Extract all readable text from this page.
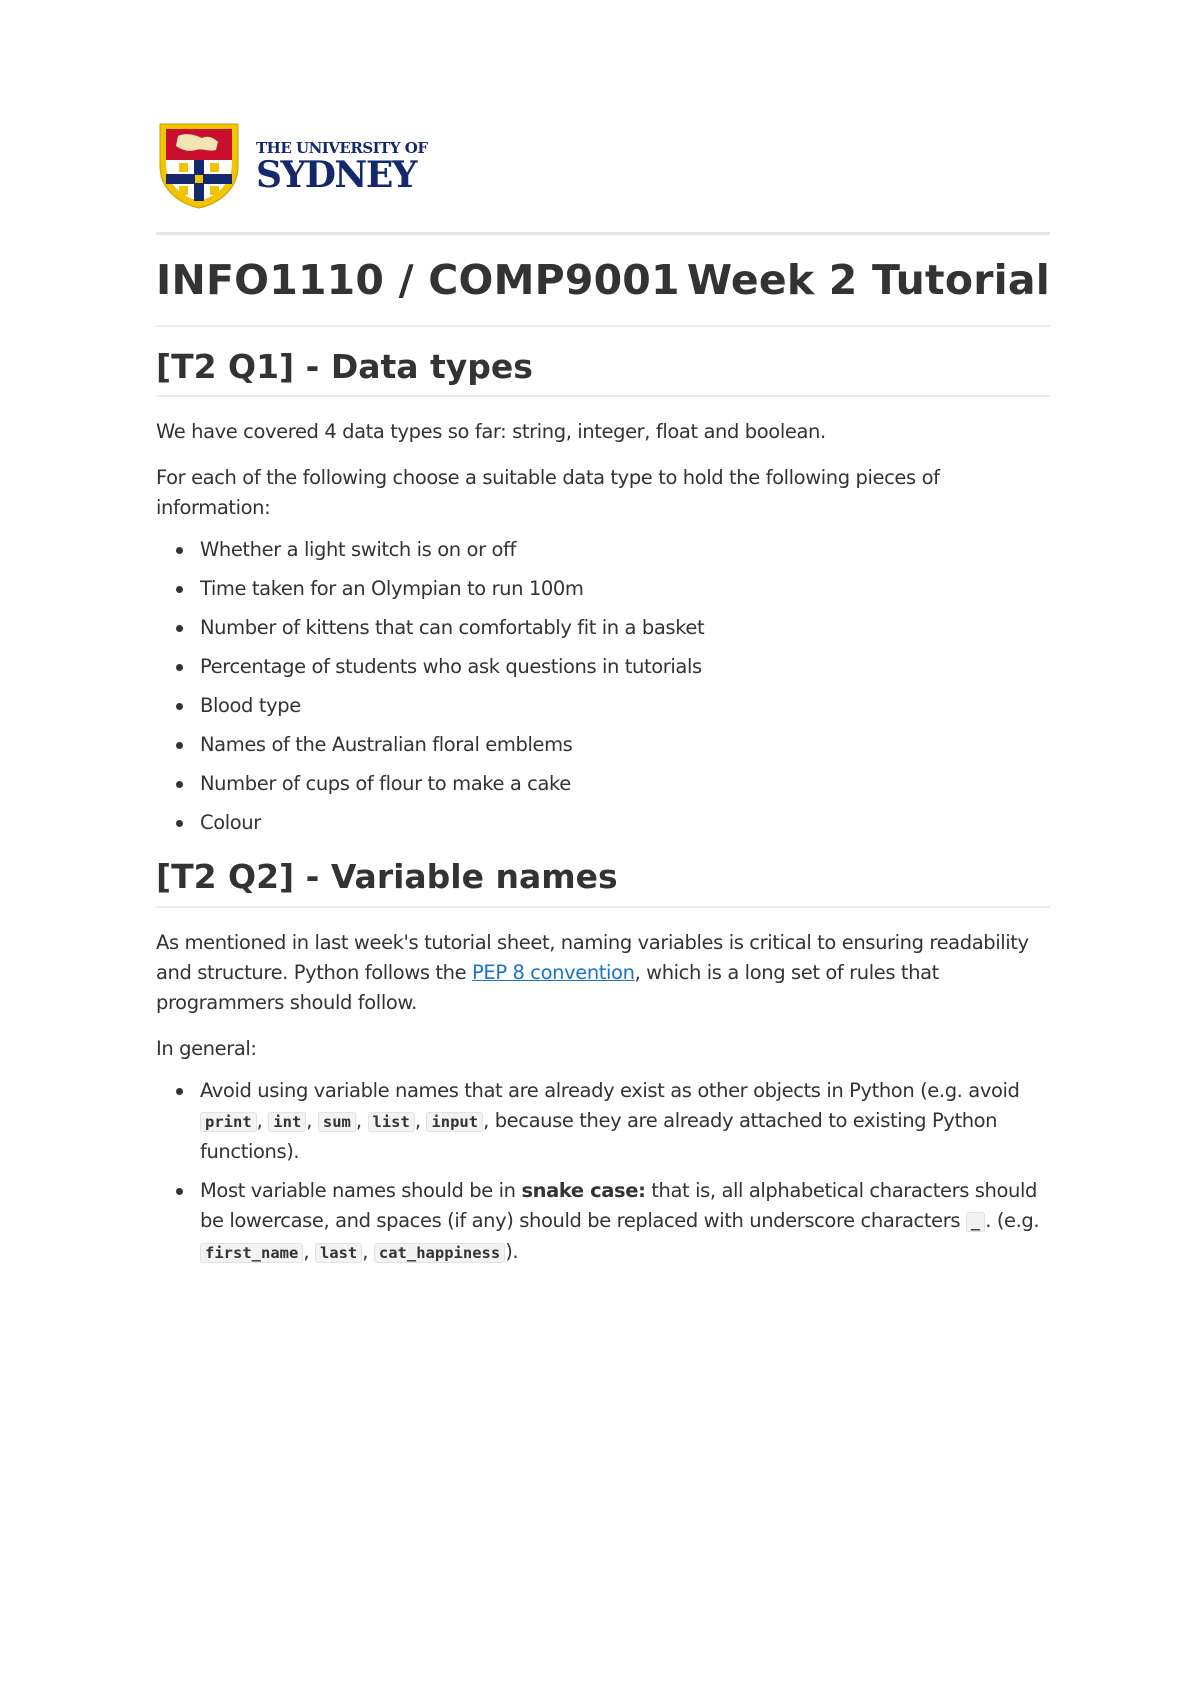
THE UNIVERSITY OF
SYDNEY
INFO1110 / COMP9001 Week 2 Tutorial
[T2 Q1] - Data types

We have covered 4 data types so far: string, integer, float and boolean.

For each of the following choose a suitable data type to hold the following pieces of information:

Whether a light switch is on or off
Time taken for an Olympian to run 100m
Number of kittens that can comfortably fit in a basket
Percentage of students who ask questions in tutorials
Blood type
Names of the Australian floral emblems
Number of cups of flour to make a cake
Colour
[T2 Q2] - Variable names

As mentioned in last week's tutorial sheet, naming variables is critical to ensuring readability and structure. Python follows the PEP 8 convention, which is a long set of rules that programmers should follow.

In general:

Avoid using variable names that are already exist as other objects in Python (e.g. avoid print , int , sum , list , input , because they are already attached to existing Python functions).
Most variable names should be in snake case: that is, all alphabetical characters should be lowercase, and spaces (if any) should be replaced with underscore characters _ . (e.g. first_name , last , cat_happiness ).
